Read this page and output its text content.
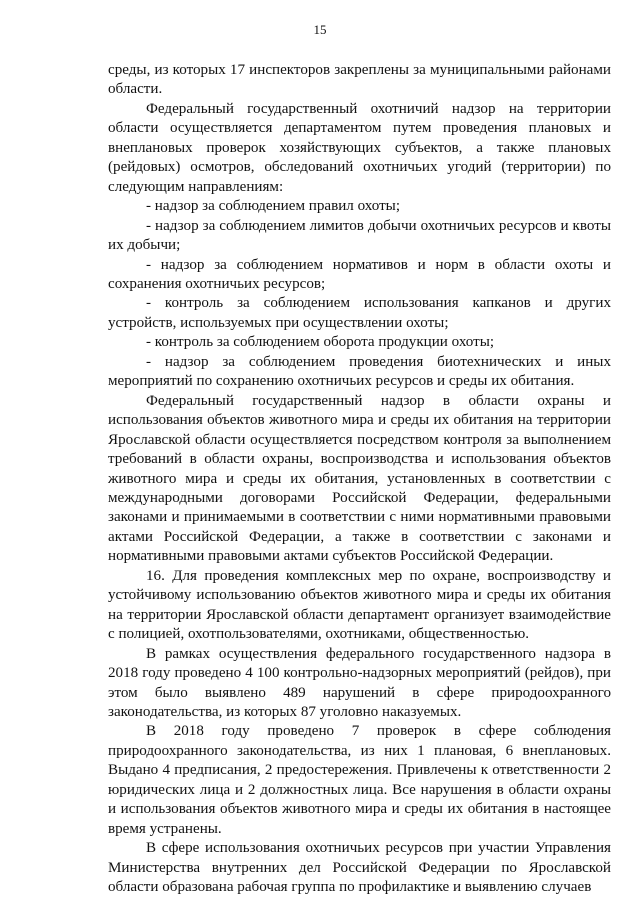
15

среды, из которых 17 инспекторов закреплены за муниципальными районами области.

Федеральный государственный охотничий надзор на территории области осуществляется департаментом путем проведения плановых и внеплановых проверок хозяйствующих субъектов, а также плановых (рейдовых) осмотров, обследований охотничьих угодий (территории) по следующим направлениям:

- надзор за соблюдением правил охоты;

- надзор за соблюдением лимитов добычи охотничьих ресурсов и квоты их добычи;

- надзор за соблюдением нормативов и норм в области охоты и сохранения охотничьих ресурсов;

- контроль за соблюдением использования капканов и других устройств, используемых при осуществлении охоты;

- контроль за соблюдением оборота продукции охоты;

- надзор за соблюдением проведения биотехнических и иных мероприятий по сохранению охотничьих ресурсов и среды их обитания.

Федеральный государственный надзор в области охраны и использования объектов животного мира и среды их обитания на территории Ярославской области осуществляется посредством контроля за выполнением требований в области охраны, воспроизводства и использования объектов животного мира и среды их обитания, установленных в соответствии с международными договорами Российской Федерации, федеральными законами и принимаемыми в соответствии с ними нормативными правовыми актами Российской Федерации, а также в соответствии с законами и нормативными правовыми актами субъектов Российской Федерации.

16. Для проведения комплексных мер по охране, воспроизводству и устойчивому использованию объектов животного мира и среды их обитания на территории Ярославской области департамент организует взаимодействие с полицией, охотпользователями, охотниками, общественностью.

В рамках осуществления федерального государственного надзора в 2018 году проведено 4 100 контрольно-надзорных мероприятий (рейдов), при этом было выявлено 489 нарушений в сфере природоохранного законодательства, из которых 87 уголовно наказуемых.

В 2018 году проведено 7 проверок в сфере соблюдения природоохранного законодательства, из них 1 плановая, 6 внеплановых. Выдано 4 предписания, 2 предостережения. Привлечены к ответственности 2 юридических лица и 2 должностных лица. Все нарушения в области охраны и использования объектов животного мира и среды их обитания в настоящее время устранены.

В сфере использования охотничьих ресурсов при участии Управления Министерства внутренних дел Российской Федерации по Ярославской области образована рабочая группа по профилактике и выявлению случаев
